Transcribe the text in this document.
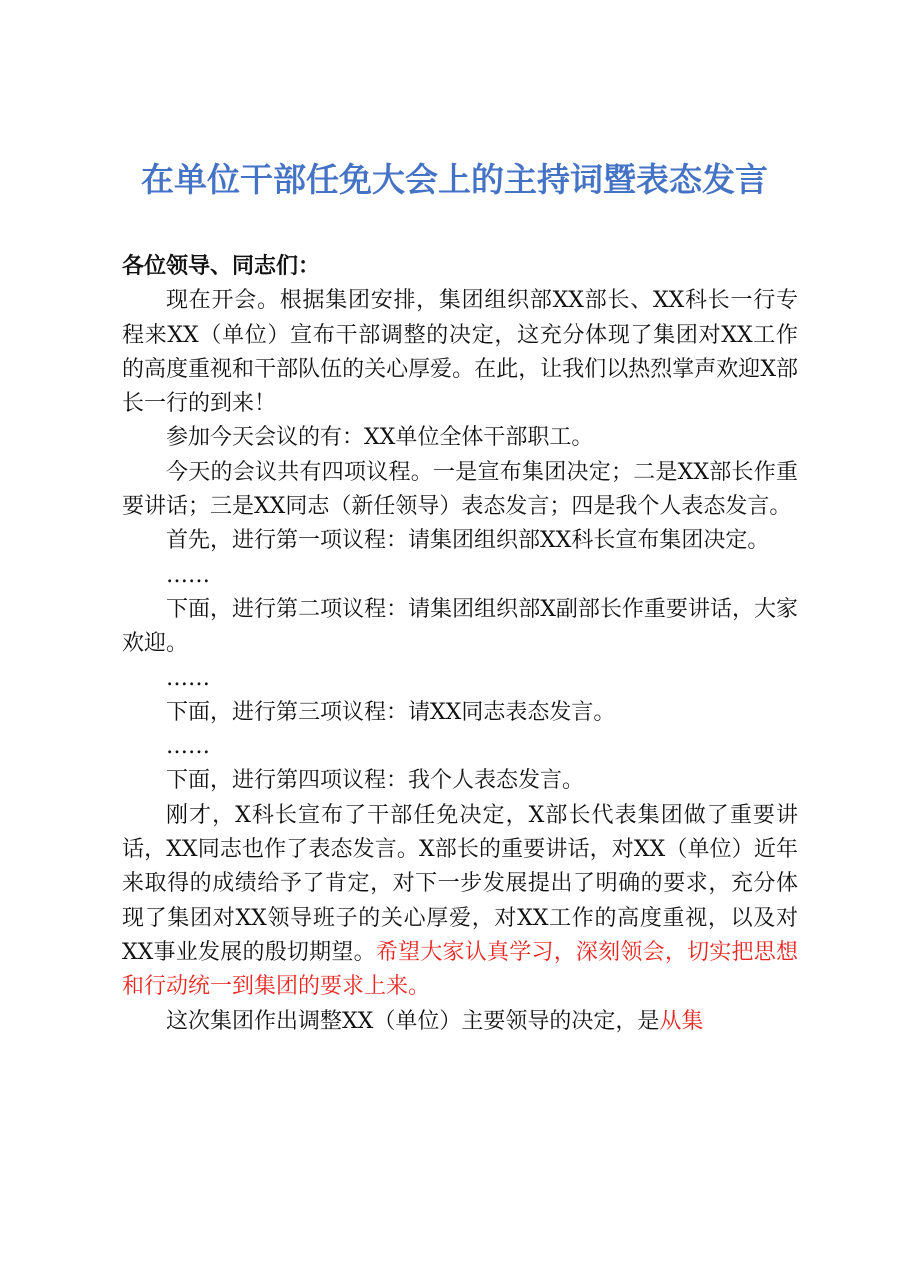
在单位干部任免大会上的主持词暨表态发言

各位领导、同志们：

现在开会。根据集团安排，集团组织部XX部长、XX科长一行专程来XX（单位）宣布干部调整的决定，这充分体现了集团对XX工作的高度重视和干部队伍的关心厚爱。在此，让我们以热烈掌声欢迎X部长一行的到来！

参加今天会议的有：XX单位全体干部职工。

今天的会议共有四项议程。一是宣布集团决定；二是XX部长作重要讲话；三是XX同志（新任领导）表态发言；四是我个人表态发言。

首先，进行第一项议程：请集团组织部XX科长宣布集团决定。

……

下面，进行第二项议程：请集团组织部X副部长作重要讲话，大家欢迎。

……

下面，进行第三项议程：请XX同志表态发言。

……

下面，进行第四项议程：我个人表态发言。

刚才，X科长宣布了干部任免决定，X部长代表集团做了重要讲话，XX同志也作了表态发言。X部长的重要讲话，对XX（单位）近年来取得的成绩给予了肯定，对下一步发展提出了明确的要求，充分体现了集团对XX领导班子的关心厚爱，对XX工作的高度重视，以及对XX事业发展的殷切期望。希望大家认真学习，深刻领会，切实把思想和行动统一到集团的要求上来。

这次集团作出调整XX（单位）主要领导的决定，是从集
